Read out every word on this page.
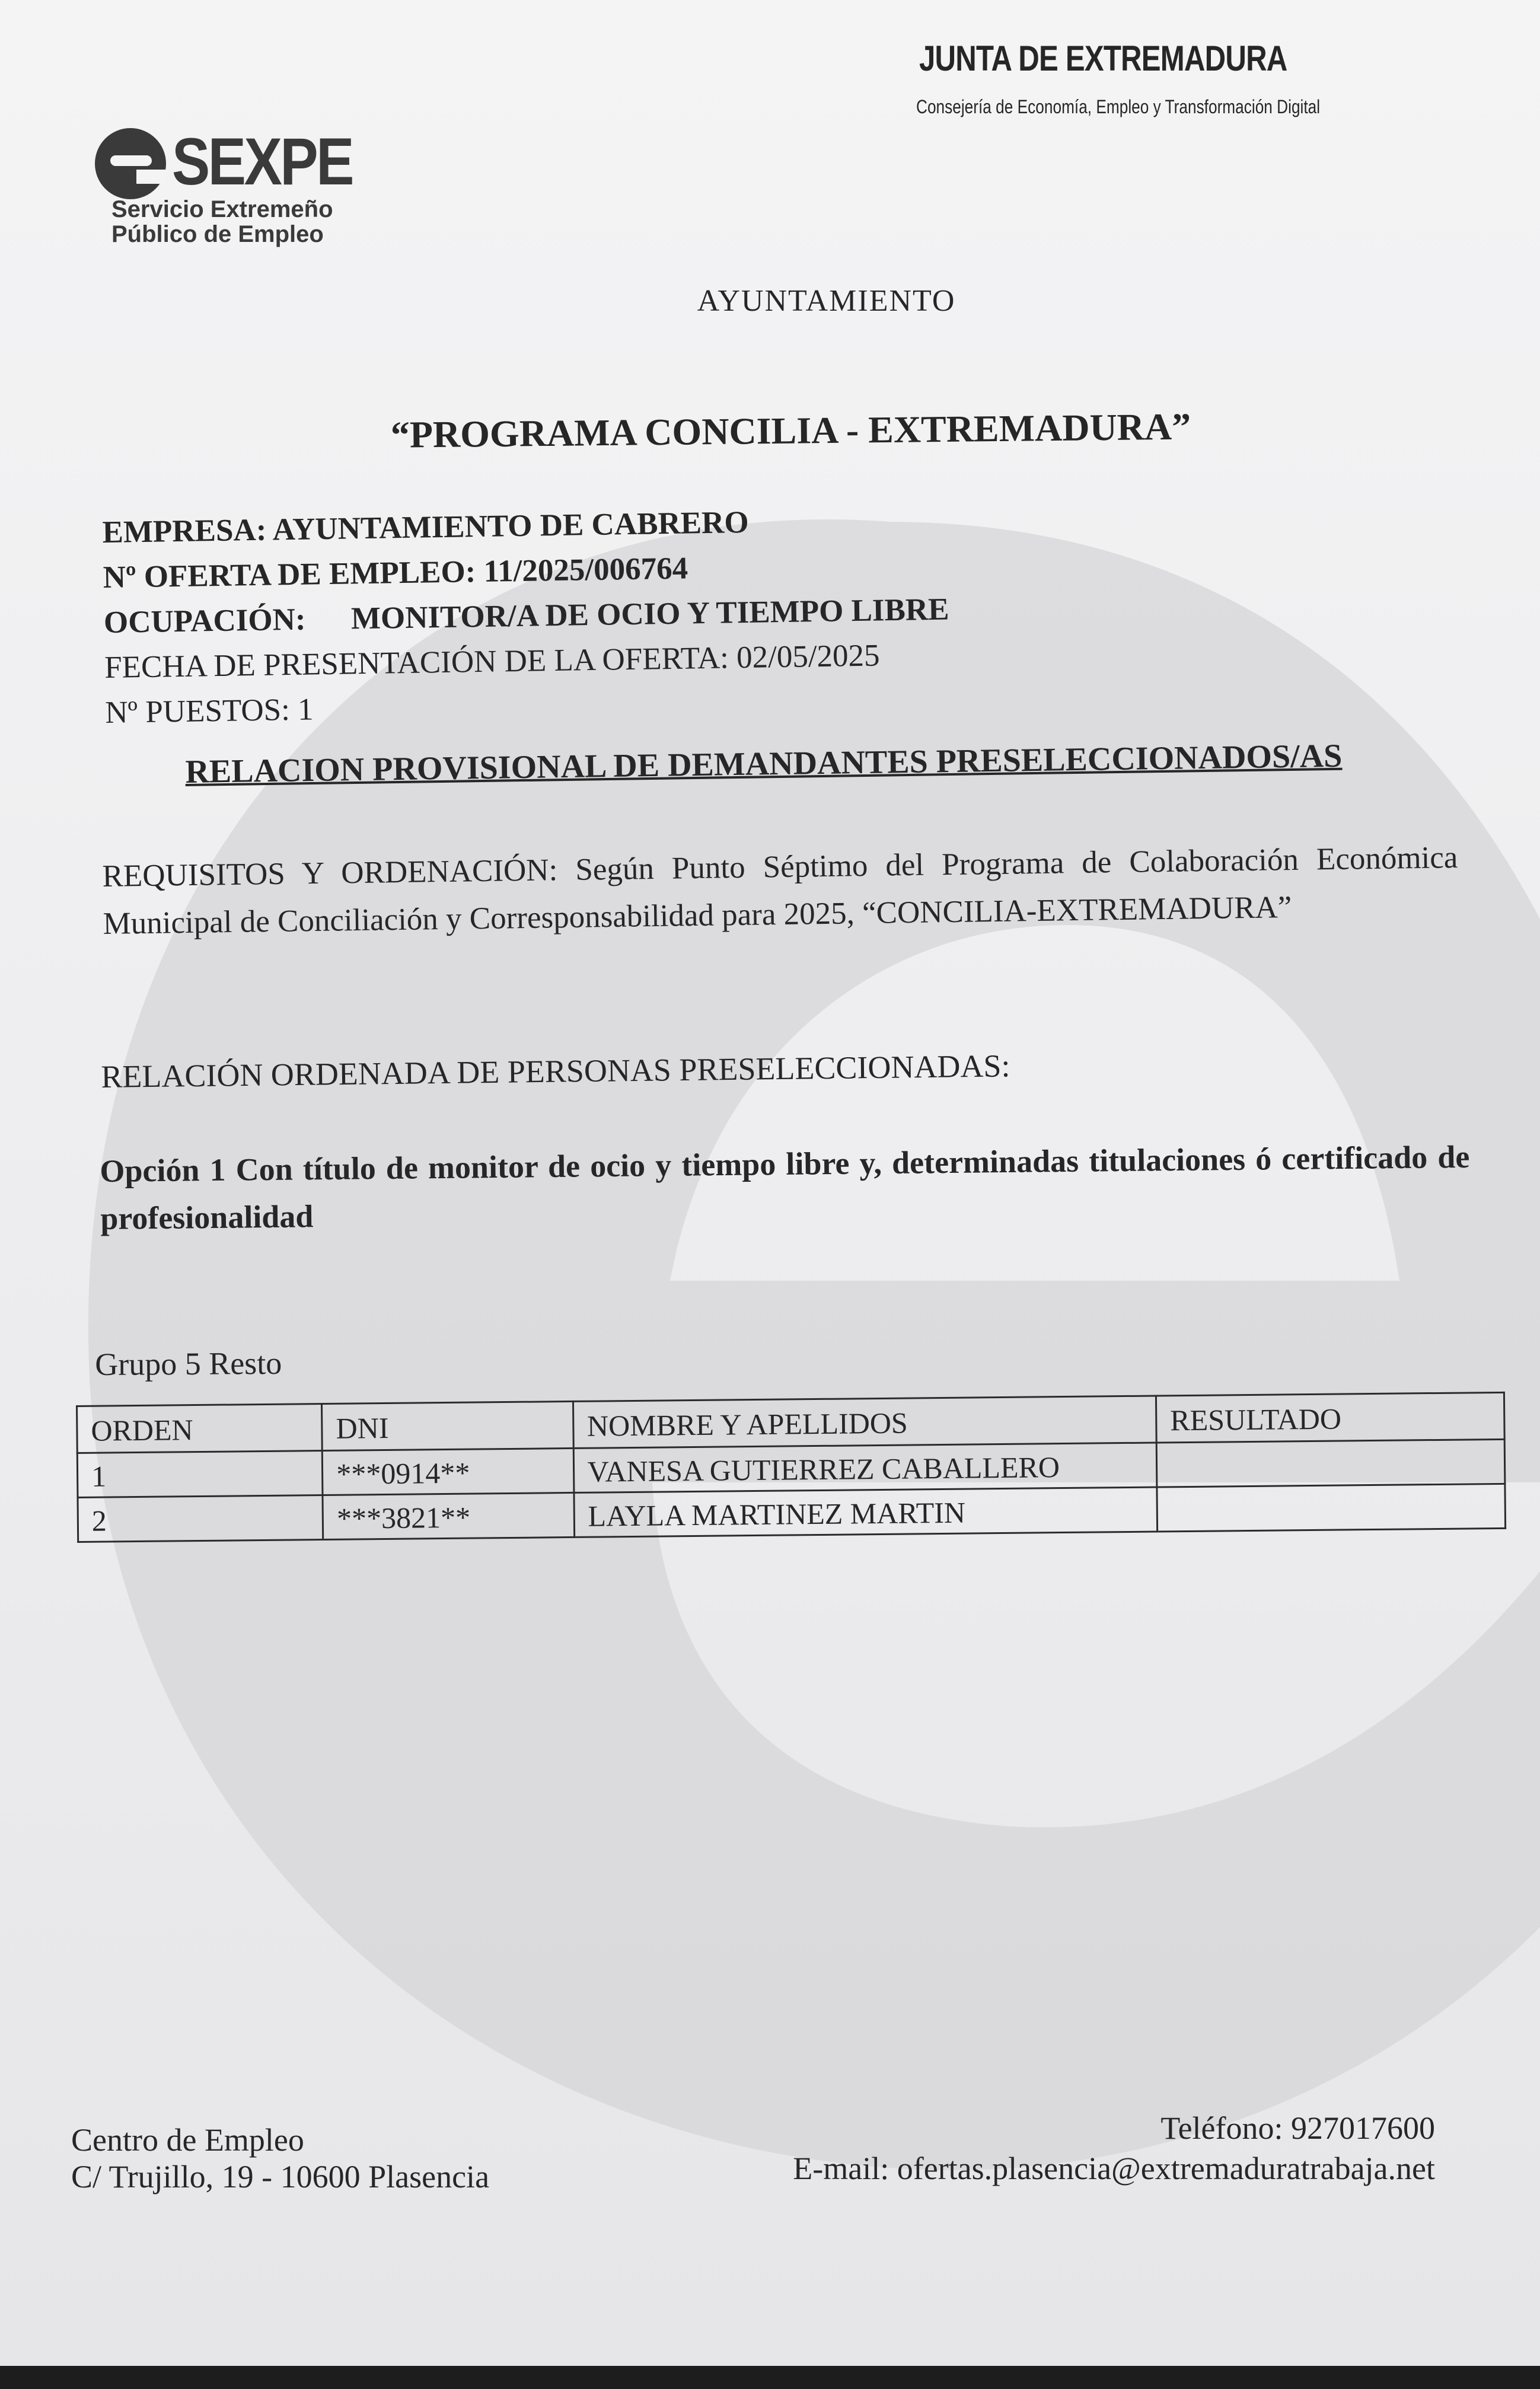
JUNTA DE EXTREMADURA
Consejería de Economía, Empleo y Transformación Digital
SEXPE
Servicio Extremeño
Público de Empleo
AYUNTAMIENTO
“PROGRAMA CONCILIA - EXTREMADURA”
EMPRESA: AYUNTAMIENTO DE CABRERO
Nº OFERTA DE EMPLEO: 11/2025/006764
OCUPACIÓN: MONITOR/A DE OCIO Y TIEMPO LIBRE
FECHA DE PRESENTACIÓN DE LA OFERTA: 02/05/2025
Nº PUESTOS: 1
RELACION PROVISIONAL DE DEMANDANTES PRESELECCIONADOS/AS
REQUISITOS Y ORDENACIÓN: Según Punto Séptimo del Programa de Colaboración Económica Municipal de Conciliación y Corresponsabilidad para 2025, “CONCILIA-EXTREMADURA”
RELACIÓN ORDENADA DE PERSONAS PRESELECCIONADAS:
Opción 1 Con título de monitor de ocio y tiempo libre y, determinadas titulaciones ó certificado de profesionalidad
Grupo 5 Resto
ORDEN	DNI	NOMBRE Y APELLIDOS	RESULTADO
1	***0914**	VANESA GUTIERREZ CABALLERO	
2	***3821**	LAYLA MARTINEZ MARTIN	
Centro de Empleo
C/ Trujillo, 19 - 10600 Plasencia
Teléfono: 927017600
E-mail: ofertas.plasencia@extremaduratrabaja.net
